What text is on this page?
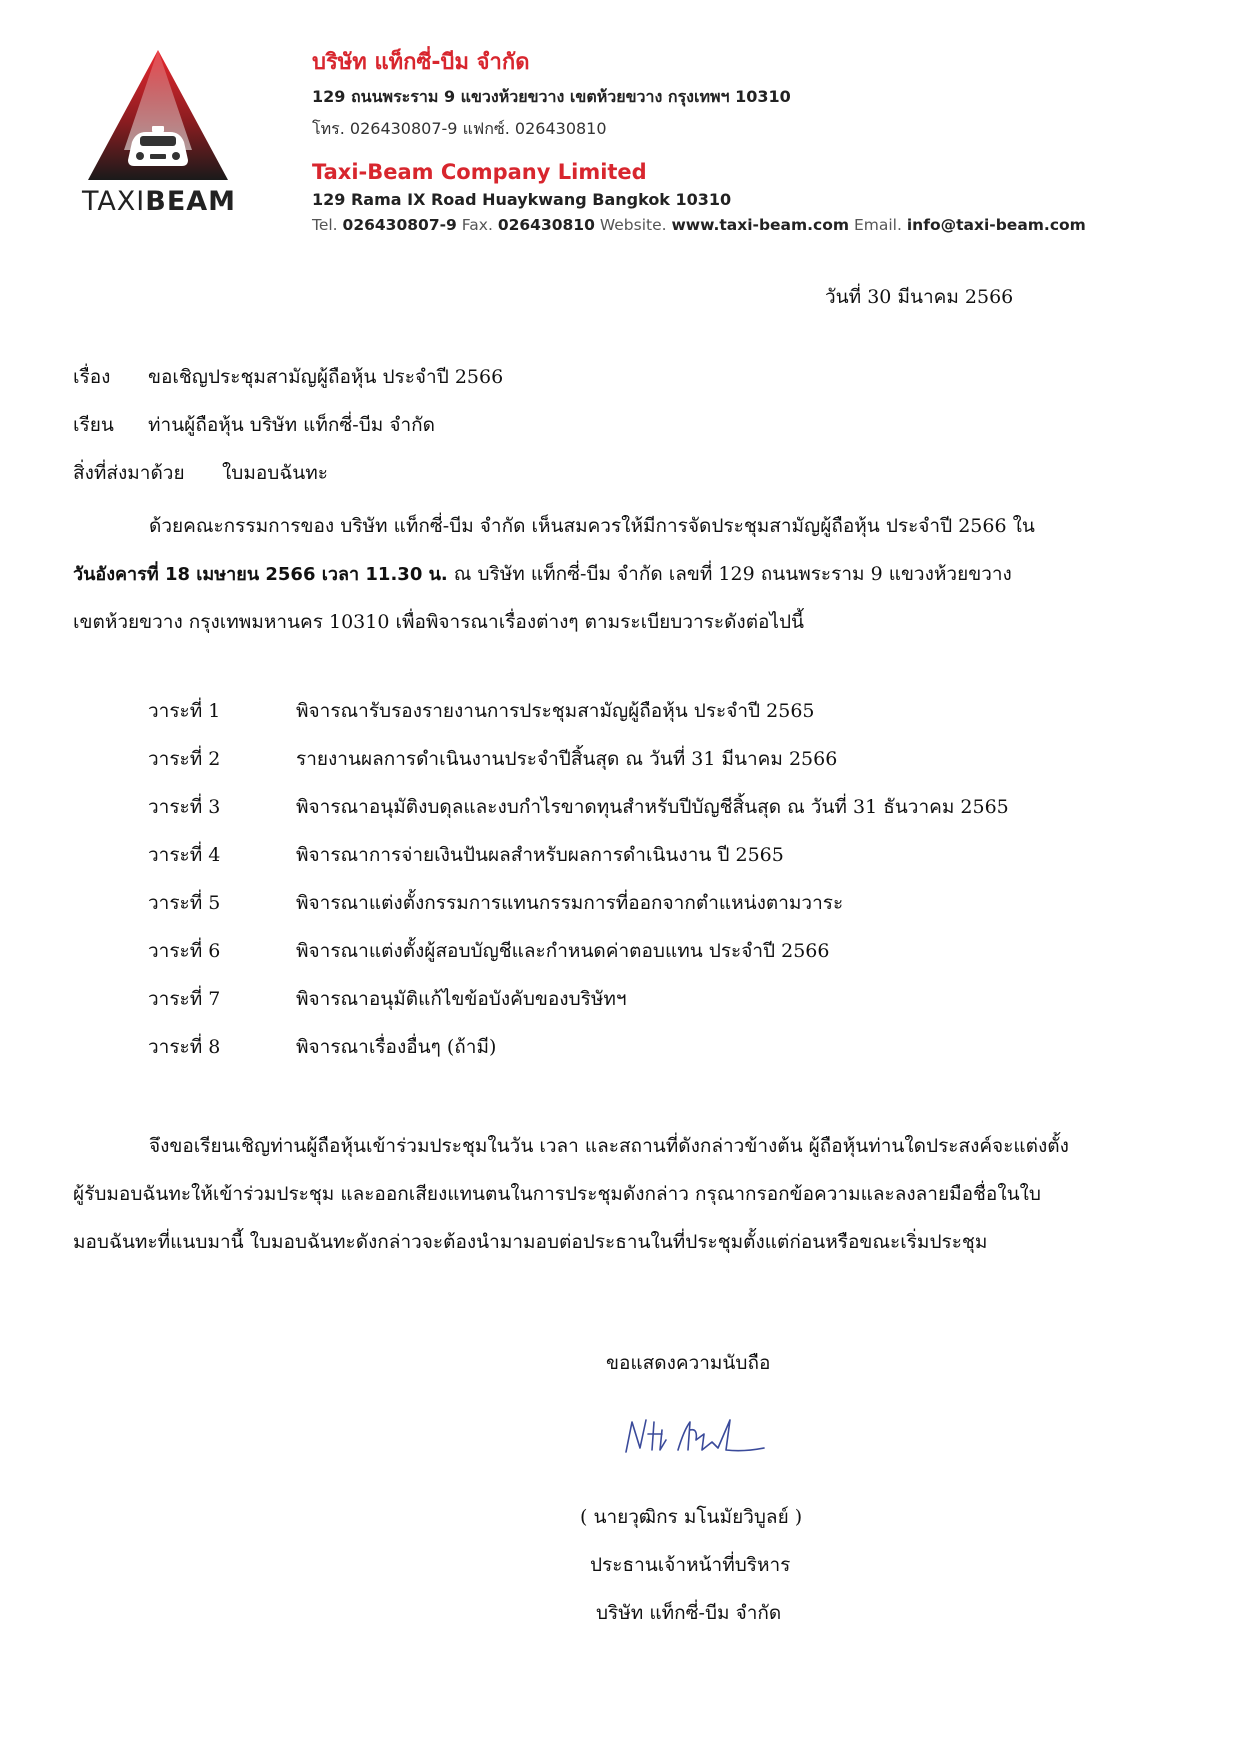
TAXIBEAM
บริษัท แท็กซี่-บีม จำกัด
129 ถนนพระราม 9 แขวงห้วยขวาง เขตห้วยขวาง กรุงเทพฯ 10310
โทร. 026430807-9 แฟกซ์. 026430810
Taxi-Beam Company Limited
129 Rama IX Road Huaykwang Bangkok 10310
Tel. 026430807-9 Fax. 026430810 Website. www.taxi-beam.com Email. info@taxi-beam.com
วันที่ 30 มีนาคม 2566
เรื่อง ขอเชิญประชุมสามัญผู้ถือหุ้น ประจำปี 2566
เรียน ท่านผู้ถือหุ้น บริษัท แท็กซี่-บีม จำกัด
สิ่งที่ส่งมาด้วย ใบมอบฉันทะ
ด้วยคณะกรรมการของ บริษัท แท็กซี่-บีม จำกัด เห็นสมควรให้มีการจัดประชุมสามัญผู้ถือหุ้น ประจำปี 2566 ใน
วันอังคารที่ 18 เมษายน 2566 เวลา 11.30 น. ณ บริษัท แท็กซี่-บีม จำกัด เลขที่ 129 ถนนพระราม 9 แขวงห้วยขวาง
เขตห้วยขวาง กรุงเทพมหานคร 10310 เพื่อพิจารณาเรื่องต่างๆ ตามระเบียบวาระดังต่อไปนี้
วาระที่ 1	พิจารณารับรองรายงานการประชุมสามัญผู้ถือหุ้น ประจำปี 2565
วาระที่ 2	รายงานผลการดำเนินงานประจำปีสิ้นสุด ณ วันที่ 31 มีนาคม 2566
วาระที่ 3	พิจารณาอนุมัติงบดุลและงบกำไรขาดทุนสำหรับปีบัญชีสิ้นสุด ณ วันที่ 31 ธันวาคม 2565
วาระที่ 4	พิจารณาการจ่ายเงินปันผลสำหรับผลการดำเนินงาน ปี 2565
วาระที่ 5	พิจารณาแต่งตั้งกรรมการแทนกรรมการที่ออกจากตำแหน่งตามวาระ
วาระที่ 6	พิจารณาแต่งตั้งผู้สอบบัญชีและกำหนดค่าตอบแทน ประจำปี 2566
วาระที่ 7	พิจารณาอนุมัติแก้ไขข้อบังคับของบริษัทฯ
วาระที่ 8	พิจารณาเรื่องอื่นๆ (ถ้ามี)
จึงขอเรียนเชิญท่านผู้ถือหุ้นเข้าร่วมประชุมในวัน เวลา และสถานที่ดังกล่าวข้างต้น ผู้ถือหุ้นท่านใดประสงค์จะแต่งตั้ง
ผู้รับมอบฉันทะให้เข้าร่วมประชุม และออกเสียงแทนตนในการประชุมดังกล่าว กรุณากรอกข้อความและลงลายมือชื่อในใบ
มอบฉันทะที่แนบมานี้ ใบมอบฉันทะดังกล่าวจะต้องนำมามอบต่อประธานในที่ประชุมตั้งแต่ก่อนหรือขณะเริ่มประชุม
ขอแสดงความนับถือ
( นายวุฒิกร มโนมัยวิบูลย์ )
ประธานเจ้าหน้าที่บริหาร
บริษัท แท็กซี่-บีม จำกัด
